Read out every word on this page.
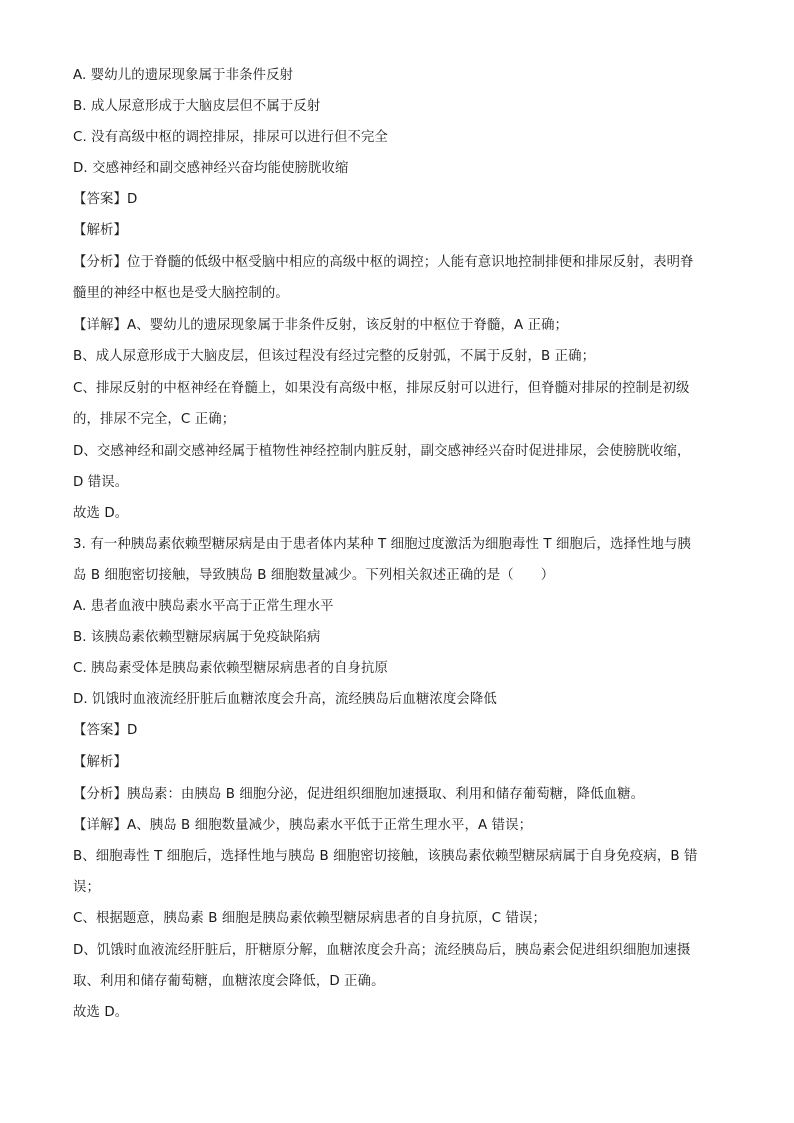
A. 婴幼儿的遗尿现象属于非条件反射
B. 成人尿意形成于大脑皮层但不属于反射
C. 没有高级中枢的调控排尿，排尿可以进行但不完全
D. 交感神经和副交感神经兴奋均能使膀胱收缩
【答案】D
【解析】
【分析】位于脊髓的低级中枢受脑中相应的高级中枢的调控；人能有意识地控制排便和排尿反射，表明脊
髓里的神经中枢也是受大脑控制的。
【详解】A、婴幼儿的遗尿现象属于非条件反射，该反射的中枢位于脊髓，A 正确；
B、成人尿意形成于大脑皮层，但该过程没有经过完整的反射弧，不属于反射，B 正确；
C、排尿反射的中枢神经在脊髓上，如果没有高级中枢，排尿反射可以进行，但脊髓对排尿的控制是初级
的，排尿不完全，C 正确；
D、交感神经和副交感神经属于植物性神经控制内脏反射，副交感神经兴奋时促进排尿，会使膀胱收缩，
D 错误。
故选 D。
3. 有一种胰岛素依赖型糖尿病是由于患者体内某种 T 细胞过度激活为细胞毒性 T 细胞后，选择性地与胰
岛 B 细胞密切接触，导致胰岛 B 细胞数量减少。下列相关叙述正确的是（　　）
A. 患者血液中胰岛素水平高于正常生理水平
B. 该胰岛素依赖型糖尿病属于免疫缺陷病
C. 胰岛素受体是胰岛素依赖型糖尿病患者的自身抗原
D. 饥饿时血液流经肝脏后血糖浓度会升高，流经胰岛后血糖浓度会降低
【答案】D
【解析】
【分析】胰岛素：由胰岛 B 细胞分泌，促进组织细胞加速摄取、利用和储存葡萄糖，降低血糖。
【详解】A、胰岛 B 细胞数量减少，胰岛素水平低于正常生理水平，A 错误；
B、细胞毒性 T 细胞后，选择性地与胰岛 B 细胞密切接触，该胰岛素依赖型糖尿病属于自身免疫病，B 错
误；
C、根据题意，胰岛素 B 细胞是胰岛素依赖型糖尿病患者的自身抗原，C 错误；
D、饥饿时血液流经肝脏后，肝糖原分解，血糖浓度会升高；流经胰岛后，胰岛素会促进组织细胞加速摄
取、利用和储存葡萄糖，血糖浓度会降低，D 正确。
故选 D。
